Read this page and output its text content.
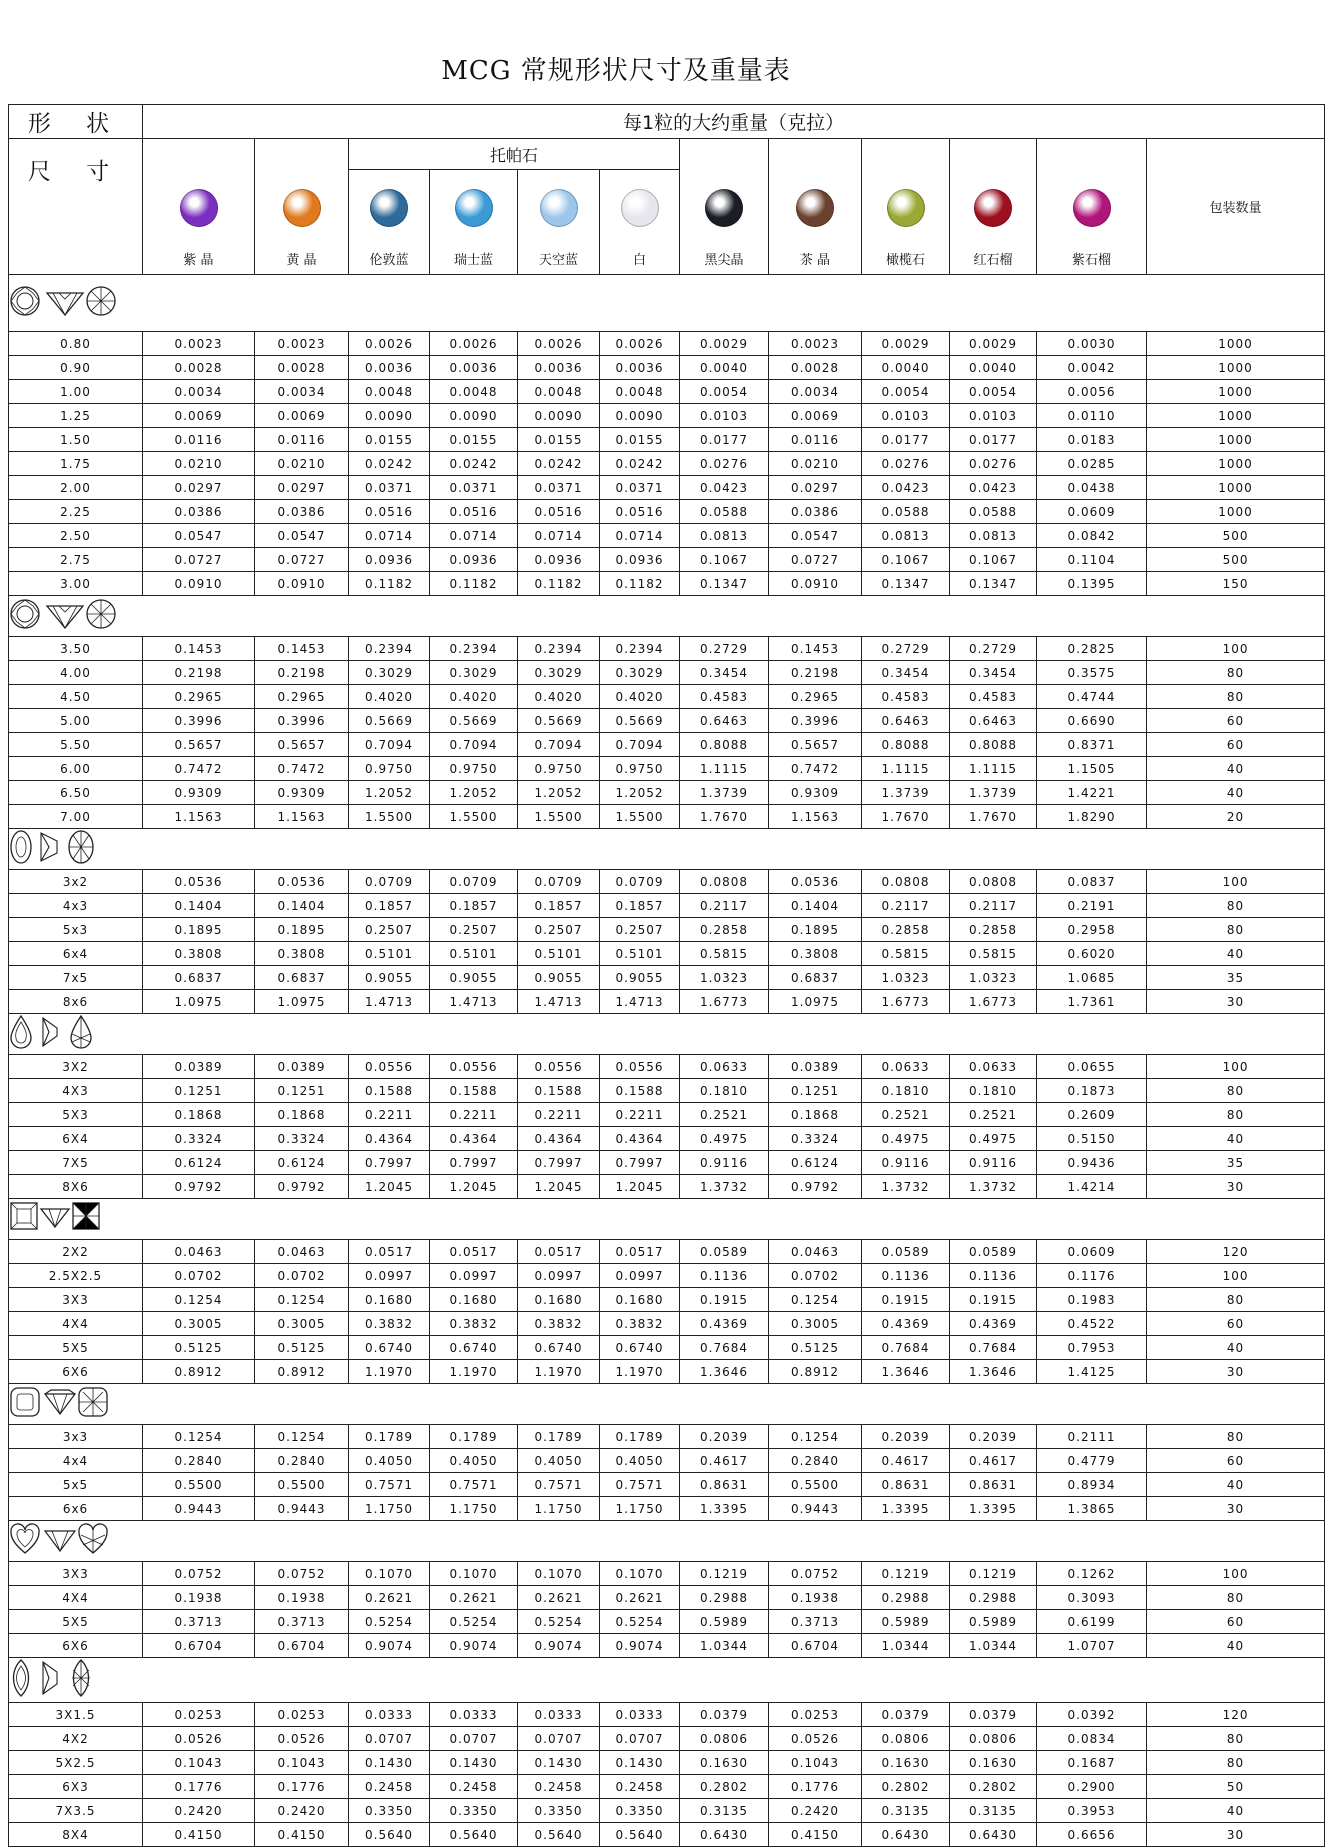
MCG 常规形状尺寸及重量表
形 状	每1粒的大约重量（克拉）											
尺 寸	紫 晶	黄 晶	托帕石				黑尖晶	茶 晶	橄榄石	红石榴	紫石榴	包装数量

			伦敦蓝	瑞士蓝	天空蓝	白						

0.80	0.0023	0.0023	0.0026	0.0026	0.0026	0.0026	0.0029	0.0023	0.0029	0.0029	0.0030	1000
0.90	0.0028	0.0028	0.0036	0.0036	0.0036	0.0036	0.0040	0.0028	0.0040	0.0040	0.0042	1000
1.00	0.0034	0.0034	0.0048	0.0048	0.0048	0.0048	0.0054	0.0034	0.0054	0.0054	0.0056	1000
1.25	0.0069	0.0069	0.0090	0.0090	0.0090	0.0090	0.0103	0.0069	0.0103	0.0103	0.0110	1000
1.50	0.0116	0.0116	0.0155	0.0155	0.0155	0.0155	0.0177	0.0116	0.0177	0.0177	0.0183	1000
1.75	0.0210	0.0210	0.0242	0.0242	0.0242	0.0242	0.0276	0.0210	0.0276	0.0276	0.0285	1000
2.00	0.0297	0.0297	0.0371	0.0371	0.0371	0.0371	0.0423	0.0297	0.0423	0.0423	0.0438	1000
2.25	0.0386	0.0386	0.0516	0.0516	0.0516	0.0516	0.0588	0.0386	0.0588	0.0588	0.0609	1000
2.50	0.0547	0.0547	0.0714	0.0714	0.0714	0.0714	0.0813	0.0547	0.0813	0.0813	0.0842	500
2.75	0.0727	0.0727	0.0936	0.0936	0.0936	0.0936	0.1067	0.0727	0.1067	0.1067	0.1104	500
3.00	0.0910	0.0910	0.1182	0.1182	0.1182	0.1182	0.1347	0.0910	0.1347	0.1347	0.1395	150

3.50	0.1453	0.1453	0.2394	0.2394	0.2394	0.2394	0.2729	0.1453	0.2729	0.2729	0.2825	100
4.00	0.2198	0.2198	0.3029	0.3029	0.3029	0.3029	0.3454	0.2198	0.3454	0.3454	0.3575	80
4.50	0.2965	0.2965	0.4020	0.4020	0.4020	0.4020	0.4583	0.2965	0.4583	0.4583	0.4744	80
5.00	0.3996	0.3996	0.5669	0.5669	0.5669	0.5669	0.6463	0.3996	0.6463	0.6463	0.6690	60
5.50	0.5657	0.5657	0.7094	0.7094	0.7094	0.7094	0.8088	0.5657	0.8088	0.8088	0.8371	60
6.00	0.7472	0.7472	0.9750	0.9750	0.9750	0.9750	1.1115	0.7472	1.1115	1.1115	1.1505	40
6.50	0.9309	0.9309	1.2052	1.2052	1.2052	1.2052	1.3739	0.9309	1.3739	1.3739	1.4221	40
7.00	1.1563	1.1563	1.5500	1.5500	1.5500	1.5500	1.7670	1.1563	1.7670	1.7670	1.8290	20

3x2	0.0536	0.0536	0.0709	0.0709	0.0709	0.0709	0.0808	0.0536	0.0808	0.0808	0.0837	100
4x3	0.1404	0.1404	0.1857	0.1857	0.1857	0.1857	0.2117	0.1404	0.2117	0.2117	0.2191	80
5x3	0.1895	0.1895	0.2507	0.2507	0.2507	0.2507	0.2858	0.1895	0.2858	0.2858	0.2958	80
6x4	0.3808	0.3808	0.5101	0.5101	0.5101	0.5101	0.5815	0.3808	0.5815	0.5815	0.6020	40
7x5	0.6837	0.6837	0.9055	0.9055	0.9055	0.9055	1.0323	0.6837	1.0323	1.0323	1.0685	35
8x6	1.0975	1.0975	1.4713	1.4713	1.4713	1.4713	1.6773	1.0975	1.6773	1.6773	1.7361	30

3X2	0.0389	0.0389	0.0556	0.0556	0.0556	0.0556	0.0633	0.0389	0.0633	0.0633	0.0655	100
4X3	0.1251	0.1251	0.1588	0.1588	0.1588	0.1588	0.1810	0.1251	0.1810	0.1810	0.1873	80
5X3	0.1868	0.1868	0.2211	0.2211	0.2211	0.2211	0.2521	0.1868	0.2521	0.2521	0.2609	80
6X4	0.3324	0.3324	0.4364	0.4364	0.4364	0.4364	0.4975	0.3324	0.4975	0.4975	0.5150	40
7X5	0.6124	0.6124	0.7997	0.7997	0.7997	0.7997	0.9116	0.6124	0.9116	0.9116	0.9436	35
8X6	0.9792	0.9792	1.2045	1.2045	1.2045	1.2045	1.3732	0.9792	1.3732	1.3732	1.4214	30

2X2	0.0463	0.0463	0.0517	0.0517	0.0517	0.0517	0.0589	0.0463	0.0589	0.0589	0.0609	120
2.5X2.5	0.0702	0.0702	0.0997	0.0997	0.0997	0.0997	0.1136	0.0702	0.1136	0.1136	0.1176	100
3X3	0.1254	0.1254	0.1680	0.1680	0.1680	0.1680	0.1915	0.1254	0.1915	0.1915	0.1983	80
4X4	0.3005	0.3005	0.3832	0.3832	0.3832	0.3832	0.4369	0.3005	0.4369	0.4369	0.4522	60
5X5	0.5125	0.5125	0.6740	0.6740	0.6740	0.6740	0.7684	0.5125	0.7684	0.7684	0.7953	40
6X6	0.8912	0.8912	1.1970	1.1970	1.1970	1.1970	1.3646	0.8912	1.3646	1.3646	1.4125	30

3x3	0.1254	0.1254	0.1789	0.1789	0.1789	0.1789	0.2039	0.1254	0.2039	0.2039	0.2111	80
4x4	0.2840	0.2840	0.4050	0.4050	0.4050	0.4050	0.4617	0.2840	0.4617	0.4617	0.4779	60
5x5	0.5500	0.5500	0.7571	0.7571	0.7571	0.7571	0.8631	0.5500	0.8631	0.8631	0.8934	40
6x6	0.9443	0.9443	1.1750	1.1750	1.1750	1.1750	1.3395	0.9443	1.3395	1.3395	1.3865	30

3X3	0.0752	0.0752	0.1070	0.1070	0.1070	0.1070	0.1219	0.0752	0.1219	0.1219	0.1262	100
4X4	0.1938	0.1938	0.2621	0.2621	0.2621	0.2621	0.2988	0.1938	0.2988	0.2988	0.3093	80
5X5	0.3713	0.3713	0.5254	0.5254	0.5254	0.5254	0.5989	0.3713	0.5989	0.5989	0.6199	60
6X6	0.6704	0.6704	0.9074	0.9074	0.9074	0.9074	1.0344	0.6704	1.0344	1.0344	1.0707	40

3X1.5	0.0253	0.0253	0.0333	0.0333	0.0333	0.0333	0.0379	0.0253	0.0379	0.0379	0.0392	120
4X2	0.0526	0.0526	0.0707	0.0707	0.0707	0.0707	0.0806	0.0526	0.0806	0.0806	0.0834	80
5X2.5	0.1043	0.1043	0.1430	0.1430	0.1430	0.1430	0.1630	0.1043	0.1630	0.1630	0.1687	80
6X3	0.1776	0.1776	0.2458	0.2458	0.2458	0.2458	0.2802	0.1776	0.2802	0.2802	0.2900	50
7X3.5	0.2420	0.2420	0.3350	0.3350	0.3350	0.3350	0.3135	0.2420	0.3135	0.3135	0.3953	40
8X4	0.4150	0.4150	0.5640	0.5640	0.5640	0.5640	0.6430	0.4150	0.6430	0.6430	0.6656	30
